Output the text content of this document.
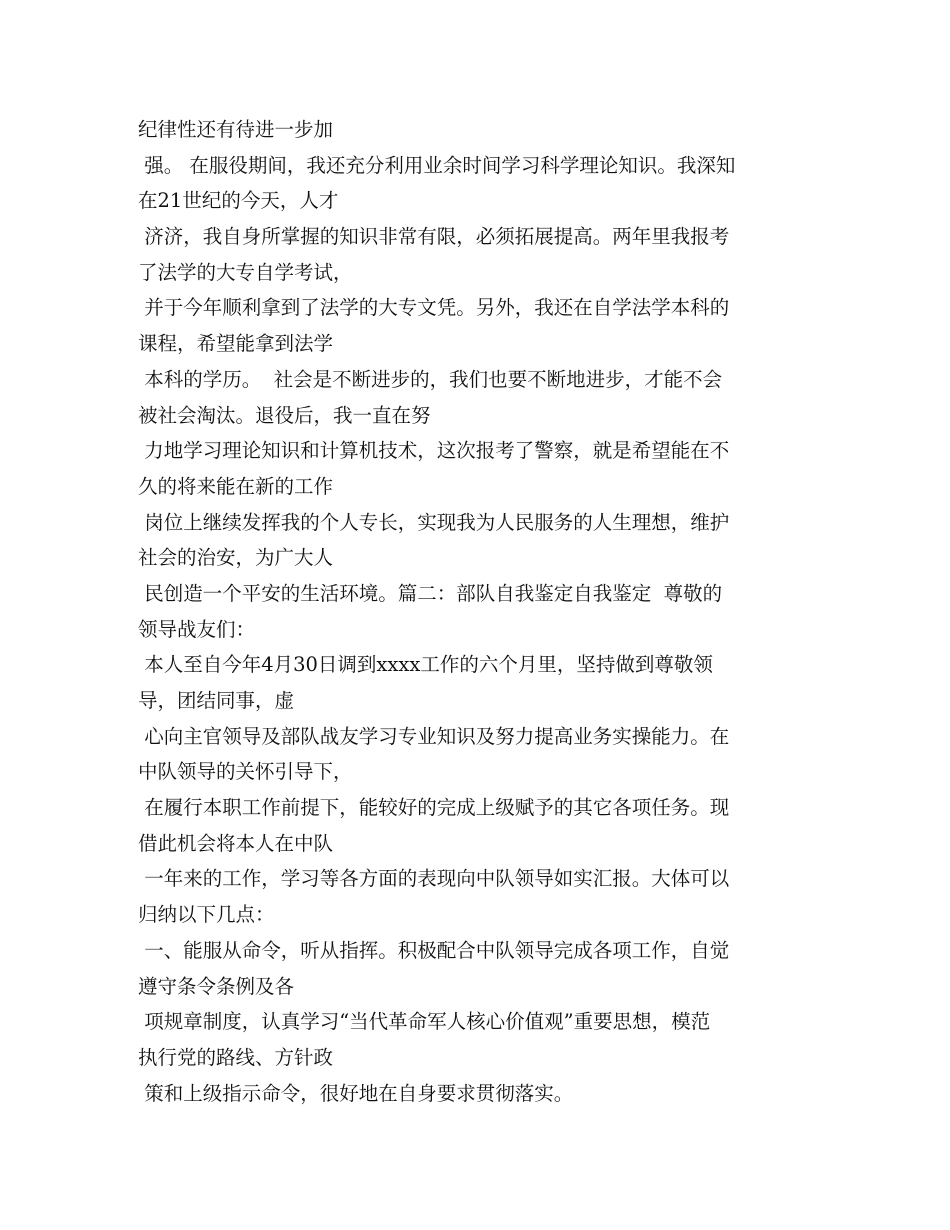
纪律性还有待进一步加
强。 在服役期间，我还充分利用业余时间学习科学理论知识。我深知
在21世纪的今天，人才
济济，我自身所掌握的知识非常有限，必须拓展提高。两年里我报考
了法学的大专自学考试，
并于今年顺利拿到了法学的大专文凭。另外，我还在自学法学本科的
课程，希望能拿到法学
本科的学历。  社会是不断进步的，我们也要不断地进步，才能不会
被社会淘汰。退役后，我一直在努
力地学习理论知识和计算机技术，这次报考了警察，就是希望能在不
久的将来能在新的工作
岗位上继续发挥我的个人专长，实现我为人民服务的人生理想，维护
社会的治安，为广大人
民创造一个平安的生活环境。篇二：部队自我鉴定自我鉴定  尊敬的
领导战友们：
本人至自今年4月30日调到xxxx工作的六个月里，坚持做到尊敬领
导，团结同事，虚
心向主官领导及部队战友学习专业知识及努力提高业务实操能力。在
中队领导的关怀引导下，
在履行本职工作前提下，能较好的完成上级赋予的其它各项任务。现
借此机会将本人在中队
一年来的工作，学习等各方面的表现向中队领导如实汇报。大体可以
归纳以下几点：
一、能服从命令，听从指挥。积极配合中队领导完成各项工作，自觉
遵守条令条例及各
项规章制度，认真学习“当代革命军人核心价值观”重要思想，模范
执行党的路线、方针政
策和上级指示命令，很好地在自身要求贯彻落实。
